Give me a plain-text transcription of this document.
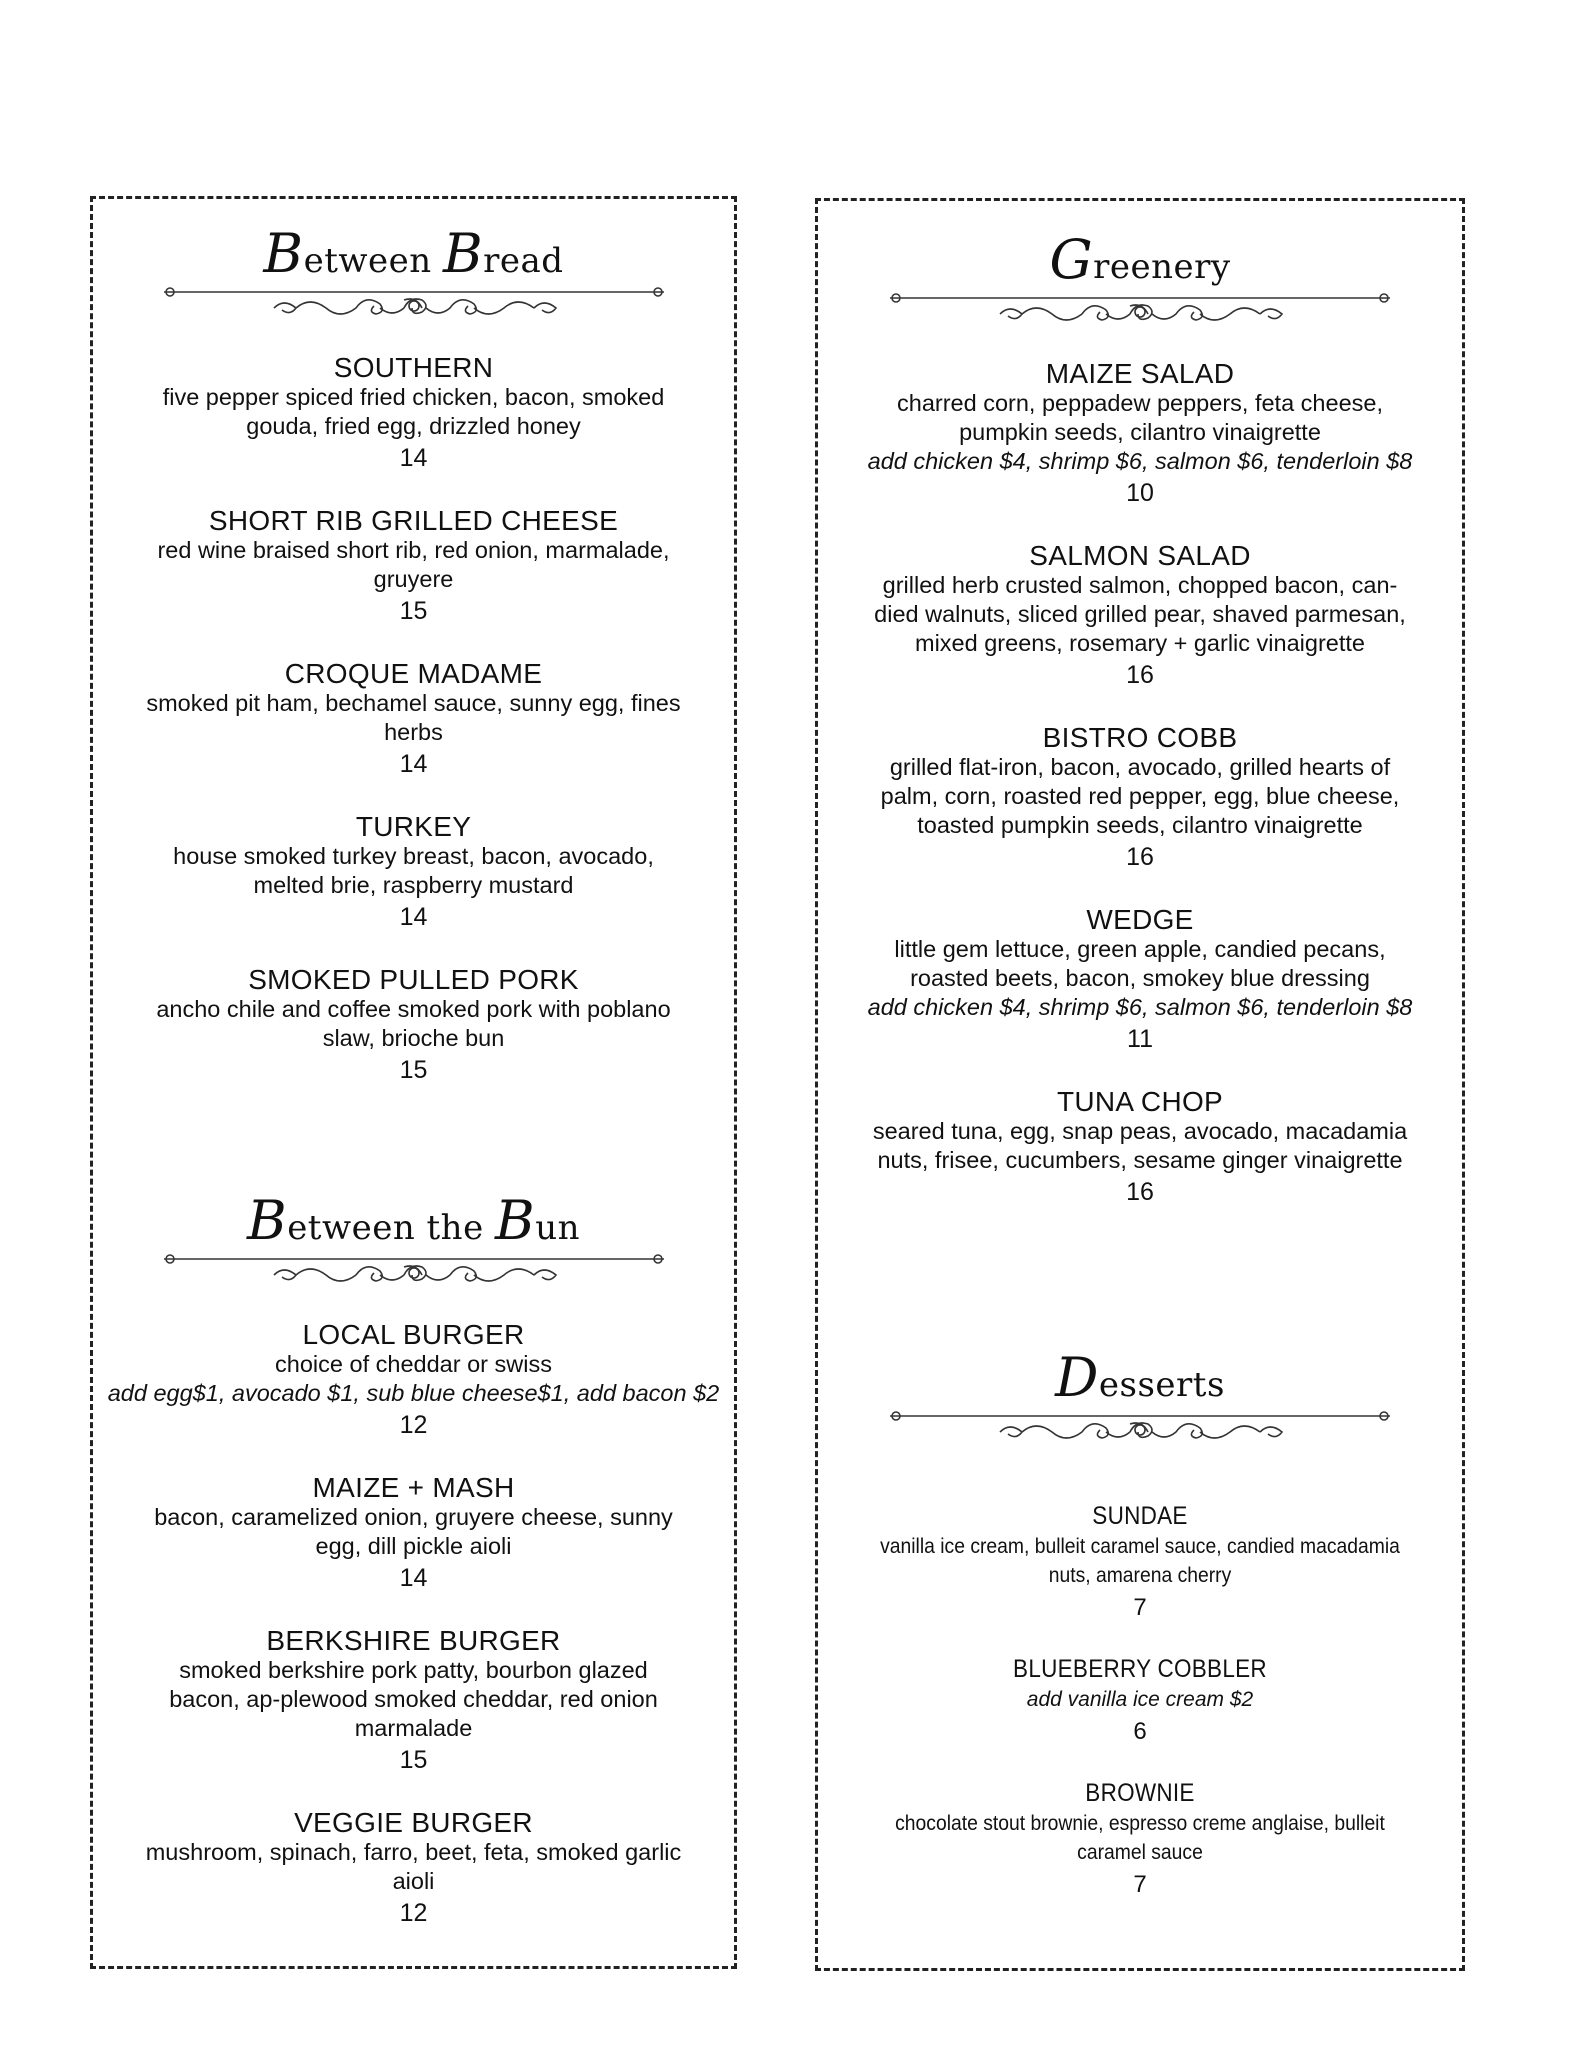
Between Bread
SOUTHERN
five pepper spiced fried chicken, bacon, smoked gouda, fried egg, drizzled honey
14
SHORT RIB GRILLED CHEESE
red wine braised short rib, red onion, marmalade, gruyere
15
CROQUE MADAME
smoked pit ham, bechamel sauce, sunny egg, fines herbs
14
TURKEY
house smoked turkey breast, bacon, avocado, melted brie, raspberry mustard
14
SMOKED PULLED PORK
ancho chile and coffee smoked pork with poblano slaw, brioche bun
15
Between the Bun
LOCAL BURGER
choice of cheddar or swiss
add egg$1, avocado $1, sub blue cheese$1, add bacon $2
12
MAIZE + MASH
bacon, caramelized onion, gruyere cheese, sunny egg, dill pickle aioli
14
BERKSHIRE BURGER
smoked berkshire pork patty, bourbon glazed bacon, ap-plewood smoked cheddar, red onion marmalade
15
VEGGIE BURGER
mushroom, spinach, farro, beet, feta, smoked garlic aioli
12
Greenery
MAIZE SALAD
charred corn, peppadew peppers, feta cheese, pumpkin seeds, cilantro vinaigrette
add chicken $4, shrimp $6, salmon $6, tenderloin $8
10
SALMON SALAD
grilled herb crusted salmon, chopped bacon, can-died walnuts, sliced grilled pear, shaved parmesan, mixed greens, rosemary + garlic vinaigrette
16
BISTRO COBB
grilled flat-iron, bacon, avocado, grilled hearts of palm, corn, roasted red pepper, egg, blue cheese, toasted pumpkin seeds, cilantro vinaigrette
16
WEDGE
little gem lettuce, green apple, candied pecans, roasted beets, bacon, smokey blue dressing
add chicken $4, shrimp $6, salmon $6, tenderloin $8
11
TUNA CHOP
seared tuna, egg, snap peas, avocado, macadamia nuts, frisee, cucumbers, sesame ginger vinaigrette
16
Desserts
SUNDAE
vanilla ice cream, bulleit caramel sauce, candied macadamia nuts, amarena cherry
7
BLUEBERRY COBBLER
add vanilla ice cream $2
6
BROWNIE
chocolate stout brownie, espresso creme anglaise, bulleit caramel sauce
7
